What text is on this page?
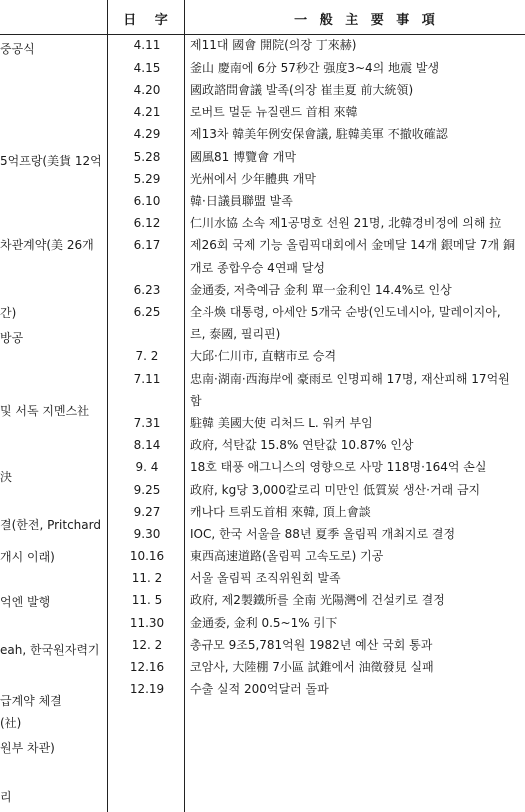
日 字	一 般 主 要 事 項
중공식
5억프랑(美貨 12억
차관계약(美 26개
간)
방공
및 서독 지멘스社
決
결(한전, Pritchard
개시 이래)
억엔 발행
eah, 한국원자력기
급계약 체결
(社)
원부 차관)
리
4.11	제11대 國會 開院(의장 丁來赫)
4.15	釜山 慶南에 6分 57秒간 强度3~4의 地震 발생
4.20	國政諮問會議 발족(의장 崔圭夏 前大統領)
4.21	로버트 멀둔 뉴질랜드 首相 來韓
4.29	제13차 韓美年例安保會議, 駐韓美軍 不撤收確認
5.28	國風81 博覽會 개막
5.29	光州에서 少年體典 개막
6.10	韓·日議員聯盟 발족
6.12	仁川水協 소속 제1공명호 선원 21명, 北韓경비정에 의해 拉
6.17	제26회 국제 기능 올림픽대회에서 金메달 14개 銀메달 7개 銅
개로 종합우승 4연패 달성
6.23	金通委, 저축예금 金利 單一金利인 14.4%로 인상
6.25	全斗煥 대통령, 아세안 5개국 순방(인도네시아, 말레이지아,
르, 泰國, 필리핀)
7. 2	大邱·仁川市, 直轄市로 승격
7.11	忠南·湖南·西海岸에 豪雨로 인명피해 17명, 재산피해 17억원
함
7.31	駐韓 美國大使 리처드 L. 워커 부임
8.14	政府, 석탄값 15.8% 연탄값 10.87% 인상
9. 4	18호 태풍 애그니스의 영향으로 사망 118명·164억 손실
9.25	政府, kg당 3,000칼로리 미만인 低質炭 생산·거래 금지
9.27	캐나다 트뤼도首相 來韓, 頂上會談
9.30	IOC, 한국 서울을 88년 夏季 올림픽 개최지로 결정
10.16	東西高速道路(올림픽 고속도로) 기공
11. 2	서울 올림픽 조직위원회 발족
11. 5	政府, 제2製鐵所를 全南 光陽灣에 건설키로 결정
11.30	金通委, 金利 0.5~1% 引下
12. 2	총규모 9조5,781억원 1982년 예산 국회 통과
12.16	코암사, 大陸棚 7小區 試錐에서 油徵發見 실패
12.19	수출 실적 200억달러 돌파
